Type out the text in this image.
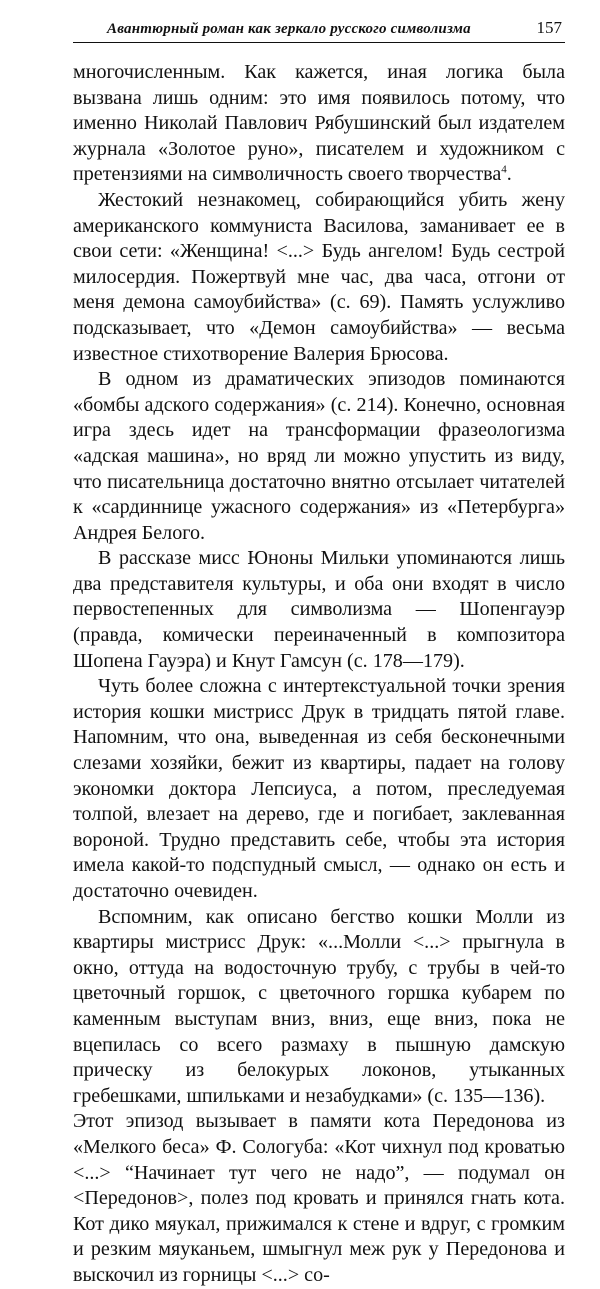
Авантюрный роман как зеркало русского символизма	157

многочисленным. Как кажется, иная логика была вызвана лишь одним: это имя появилось потому, что именно Николай Павлович Рябушинский был издателем журнала «Золотое руно», писателем и художником с претензиями на символичность своего творчества$^4$.

Жестокий незнакомец, собирающийся убить жену американского коммуниста Василова, заманивает ее в свои сети: «Женщина! <...> Будь ангелом! Будь сестрой милосердия. Пожертвуй мне час, два часа, отгони от меня демона самоубийства» (с. 69). Память услужливо подсказывает, что «Демон самоубийства» — весьма известное стихотворение Валерия Брюсова.

В одном из драматических эпизодов поминаются «бомбы адского содержания» (с. 214). Конечно, основная игра здесь идет на трансформации фразеологизма «адская машина», но вряд ли можно упустить из виду, что писательница достаточно внятно отсылает читателей к «сардиннице ужасного содержания» из «Петербурга» Андрея Белого.

В рассказе мисс Юноны Мильки упоминаются лишь два представителя культуры, и оба они входят в число первостепенных для символизма — Шопенгауэр (правда, комически переиначенный в композитора Шопена Гауэра) и Кнут Гамсун (с. 178—179).

Чуть более сложна с интертекстуальной точки зрения история кошки мистрисс Друк в тридцать пятой главе. Напомним, что она, выведенная из себя бесконечными слезами хозяйки, бежит из квартиры, падает на голову экономки доктора Лепсиуса, а потом, преследуемая толпой, влезает на дерево, где и погибает, заклеванная вороной. Трудно представить себе, чтобы эта история имела какой-то подспудный смысл, — однако он есть и достаточно очевиден.

Вспомним, как описано бегство кошки Молли из квартиры мистрисс Друк: «...Молли <...> прыгнула в окно, оттуда на водосточную трубу, с трубы в чей-то цветочный горшок, с цветочного горшка кубарем по каменным выступам вниз, вниз, еще вниз, пока не вцепилась со всего размаху в пышную дамскую прическу из белокурых локонов, утыканных гребешками, шпильками и незабудками» (с. 135—136).

Этот эпизод вызывает в памяти кота Передонова из «Мелкого беса» Ф. Сологуба: «Кот чихнул под кроватью <...> “Начинает тут чего не надо”, — подумал он <Передонов>, полез под кровать и принялся гнать кота. Кот дико мяукал, прижимался к стене и вдруг, с громким и резким мяуканьем, шмыгнул меж рук у Передонова и выскочил из горницы <...> со-
